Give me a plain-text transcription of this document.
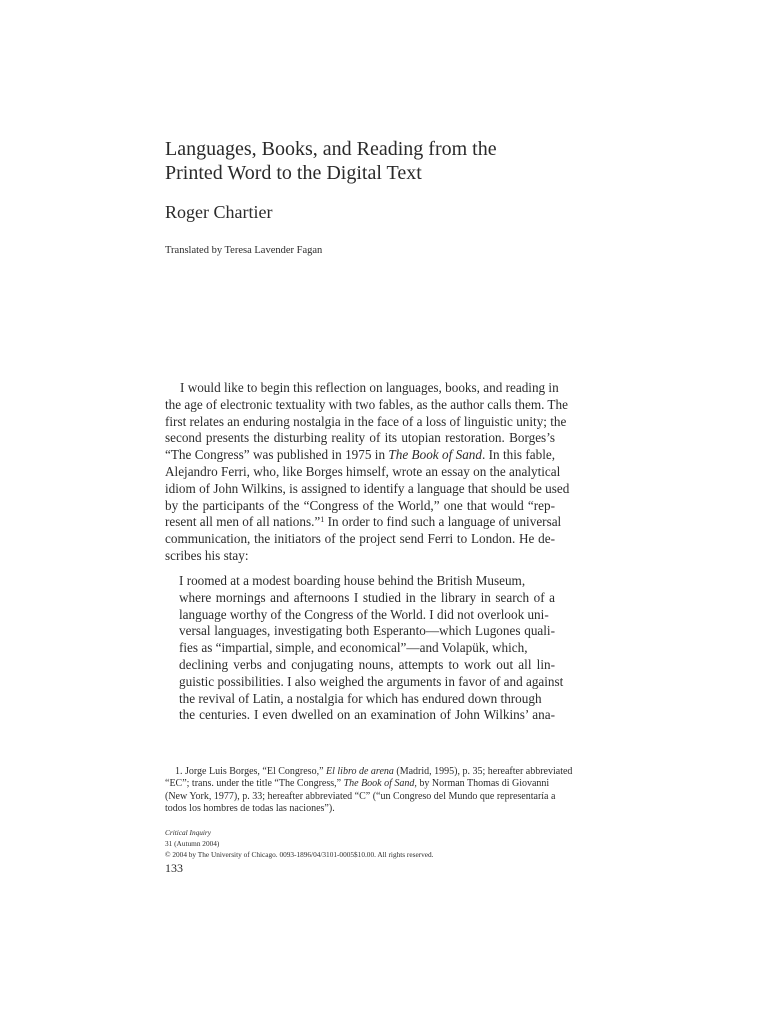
Languages, Books, and Reading from the
Printed Word to the Digital Text
Roger Chartier
Translated by Teresa Lavender Fagan
I would like to begin this reflection on languages, books, and reading in
the age of electronic textuality with two fables, as the author calls them. The
first relates an enduring nostalgia in the face of a loss of linguistic unity; the
second presents the disturbing reality of its utopian restoration. Borges’s
“The Congress” was published in 1975 in The Book of Sand. In this fable,
Alejandro Ferri, who, like Borges himself, wrote an essay on the analytical
idiom of John Wilkins, is assigned to identify a language that should be used
by the participants of the “Congress of the World,” one that would “rep-
resent all men of all nations.”$^1$ In order to find such a language of universal
communication, the initiators of the project send Ferri to London. He de-
scribes his stay:
I roomed at a modest boarding house behind the British Museum,
where mornings and afternoons I studied in the library in search of a
language worthy of the Congress of the World. I did not overlook uni-
versal languages, investigating both Esperanto—which Lugones quali-
fies as “impartial, simple, and economical”—and Volapük, which,
declining verbs and conjugating nouns, attempts to work out all lin-
guistic possibilities. I also weighed the arguments in favor of and against
the revival of Latin, a nostalgia for which has endured down through
the centuries. I even dwelled on an examination of John Wilkins’ ana-
1. Jorge Luis Borges, “El Congreso,” El libro de arena (Madrid, 1995), p. 35; hereafter abbreviated
“EC”; trans. under the title “The Congress,” The Book of Sand, by Norman Thomas di Giovanni
(New York, 1977), p. 33; hereafter abbreviated “C” (“un Congreso del Mundo que representaría a
todos los hombres de todas las naciones”).
Critical Inquiry
31 (Autumn 2004)
© 2004 by The University of Chicago. 0093-1896/04/3101-0005$10.00. All rights reserved.
133
